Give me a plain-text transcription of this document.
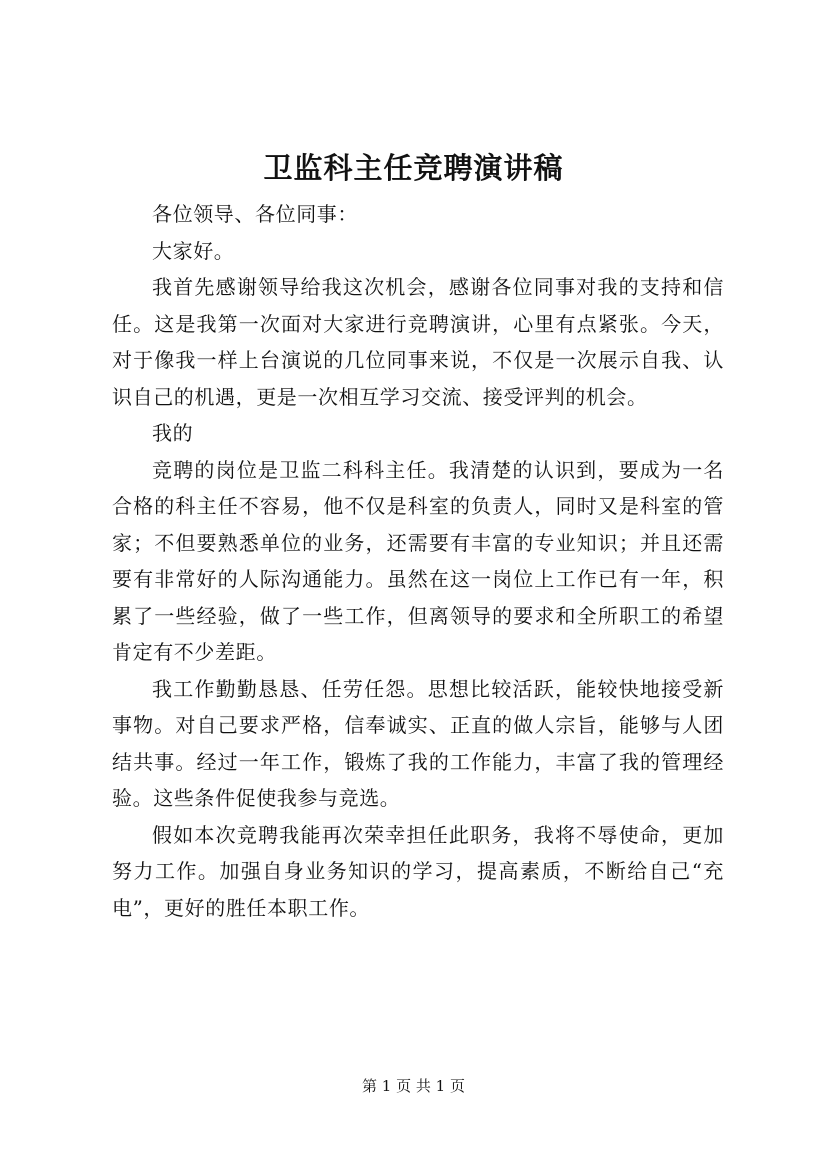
卫监科主任竞聘演讲稿

各位领导、各位同事：

大家好。

我首先感谢领导给我这次机会，感谢各位同事对我的支持和信任。这是我第一次面对大家进行竞聘演讲，心里有点紧张。今天，对于像我一样上台演说的几位同事来说，不仅是一次展示自我、认识自己的机遇，更是一次相互学习交流、接受评判的机会。

我的

竞聘的岗位是卫监二科科主任。我清楚的认识到，要成为一名合格的科主任不容易，他不仅是科室的负责人，同时又是科室的管家；不但要熟悉单位的业务，还需要有丰富的专业知识；并且还需要有非常好的人际沟通能力。虽然在这一岗位上工作已有一年，积累了一些经验，做了一些工作，但离领导的要求和全所职工的希望肯定有不少差距。

我工作勤勤恳恳、任劳任怨。思想比较活跃，能较快地接受新事物。对自己要求严格，信奉诚实、正直的做人宗旨，能够与人团结共事。经过一年工作，锻炼了我的工作能力，丰富了我的管理经验。这些条件促使我参与竞选。

假如本次竞聘我能再次荣幸担任此职务，我将不辱使命，更加努力工作。加强自身业务知识的学习，提高素质，不断给自己“充电”，更好的胜任本职工作。

第 1 页 共 1 页
